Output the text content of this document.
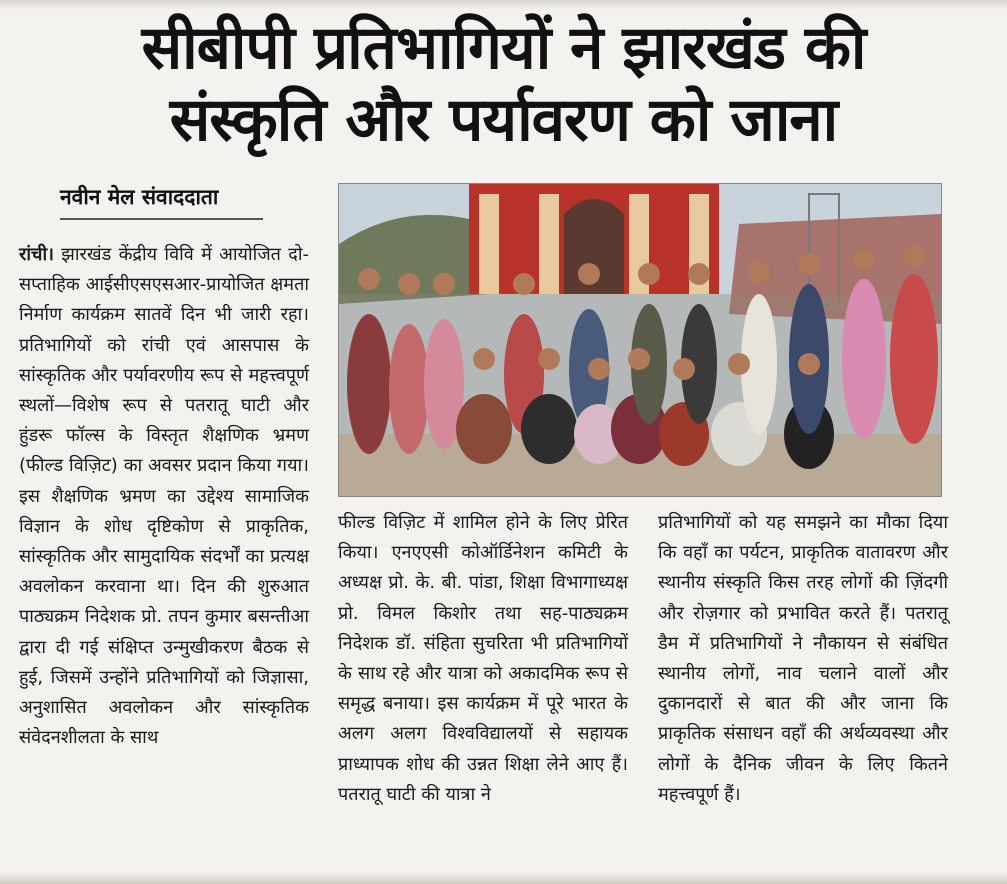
सीबीपी प्रतिभागियों ने झारखंड की
संस्कृति और पर्यावरण को जाना
नवीन मेल संवाददाता

रांची। झारखंड केंद्रीय विवि में आयोजित दो-सप्ताहिक आईसीएसएसआर-प्रायोजित क्षमता निर्माण कार्यक्रम सातवें दिन भी जारी रहा। प्रतिभागियों को रांची एवं आसपास के सांस्कृतिक और पर्यावरणीय रूप से महत्त्वपूर्ण स्थलों—विशेष रूप से पतरातू घाटी और हुंडरू फॉल्स के विस्तृत शैक्षणिक भ्रमण (फील्ड विज़िट) का अवसर प्रदान किया गया। इस शैक्षणिक भ्रमण का उद्देश्य सामाजिक विज्ञान के शोध दृष्टिकोण से प्राकृतिक, सांस्कृतिक और सामुदायिक संदर्भों का प्रत्यक्ष अवलोकन करवाना था। दिन की शुरुआत पाठ्यक्रम निदेशक प्रो. तपन कुमार बसन्तीआ द्वारा दी गई संक्षिप्त उन्मुखीकरण बैठक से हुई, जिसमें उन्होंने प्रतिभागियों को जिज्ञासा, अनुशासित अवलोकन और सांस्कृतिक संवेदनशीलता के साथ

फील्ड विज़िट में शामिल होने के लिए प्रेरित किया। एनएएसी कोऑर्डिनेशन कमिटी के अध्यक्ष प्रो. के. बी. पांडा, शिक्षा विभागाध्यक्ष प्रो. विमल किशोर तथा सह-पाठ्यक्रम निदेशक डॉ. संहिता सुचरिता भी प्रतिभागियों के साथ रहे और यात्रा को अकादमिक रूप से समृद्ध बनाया। इस कार्यक्रम में पूरे भारत के अलग अलग विश्वविद्यालयों से सहायक प्राध्यापक शोध की उन्नत शिक्षा लेने आए हैं। पतरातू घाटी की यात्रा ने

प्रतिभागियों को यह समझने का मौका दिया कि वहाँ का पर्यटन, प्राकृतिक वातावरण और स्थानीय संस्कृति किस तरह लोगों की ज़िंदगी और रोज़गार को प्रभावित करते हैं। पतरातू डैम में प्रतिभागियों ने नौकायन से संबंधित स्थानीय लोगों, नाव चलाने वालों और दुकानदारों से बात की और जाना कि प्राकृतिक संसाधन वहाँ की अर्थव्यवस्था और लोगों के दैनिक जीवन के लिए कितने महत्त्वपूर्ण हैं।
